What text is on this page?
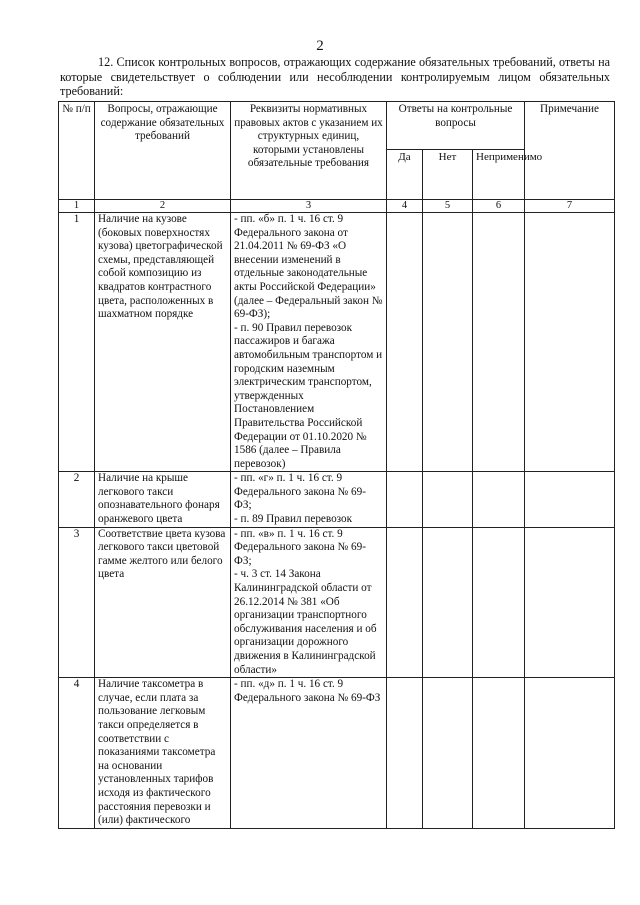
2
12. Список контрольных вопросов, отражающих содержание обязательных требований, ответы на которые свидетельствует о соблюдении или несоблюдении контролируемым лицом обязательных требований:
№ п/п	Вопросы, отражающие содержание обязательных требований	Реквизиты нормативных правовых актов с указанием их структурных единиц, которыми установлены обязательные требования	Ответы на контрольные вопросы			Примечание
			Да	Нет	Неприменимо	
1	2	3	4	5	6	7
1	Наличие на кузове (боковых поверхностях кузова) цветографической схемы, представляющей собой композицию из квадратов контрастного цвета, расположенных в шахматном порядке	- пп. «б» п. 1 ч. 16 ст. 9 Федерального закона от 21.04.2011 № 69-ФЗ «О внесении изменений в отдельные законодательные акты Российской Федерации» (далее – Федеральный закон № 69-ФЗ);
- п. 90 Правил перевозок пассажиров и багажа автомобильным транспортом и городским наземным электрическим транспортом, утвержденных Постановлением Правительства Российской Федерации от 01.10.2020 № 1586 (далее – Правила перевозок)				

2	Наличие на крыше легкового такси опознавательного фонаря оранжевого цвета	- пп. «г» п. 1 ч. 16 ст. 9 Федерального закона № 69-ФЗ;
- п. 89 Правил перевозок				

3	Соответствие цвета кузова легкового такси цветовой гамме желтого или белого цвета	- пп. «в» п. 1 ч. 16 ст. 9 Федерального закона № 69-ФЗ;
- ч. 3 ст. 14 Закона Калининградской области от 26.12.2014 № 381 «Об организации транспортного обслуживания населения и об организации дорожного движения в Калининградской области»				

4	Наличие таксометра в случае, если плата за пользование легковым такси определяется в соответствии с показаниями таксометра на основании установленных тарифов исходя из фактического расстояния перевозки и (или) фактического	- пп. «д» п. 1 ч. 16 ст. 9 Федерального закона № 69-ФЗ				
